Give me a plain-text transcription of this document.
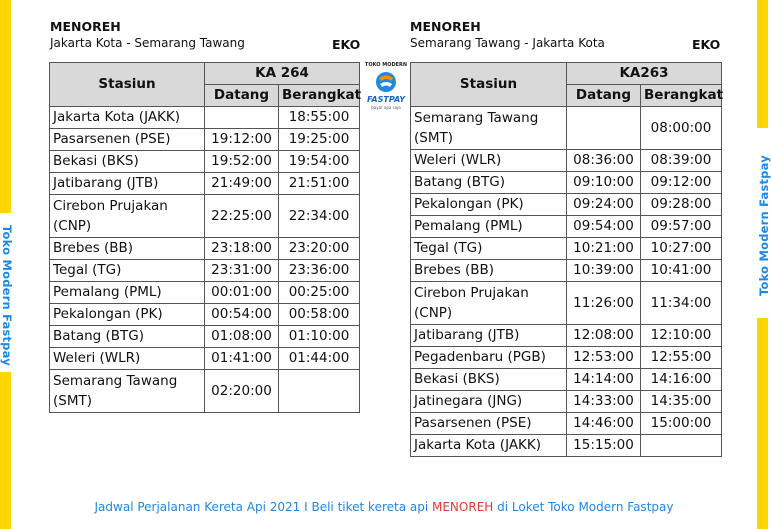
Toko Modern Fastpay	Toko Modern Fastpay
MENOREH
Jakarta Kota - Semarang Tawang	EKO
MENOREH
Semarang Tawang - Jakarta Kota	EKO
TOKO MODERN
FASTPAY
bayar apa saja
Stasiun	KA 264	
	Datang	Berangkat
Jakarta Kota (JAKK)		18:55:00
Pasarsenen (PSE)	19:12:00	19:25:00
Bekasi (BKS)	19:52:00	19:54:00
Jatibarang (JTB)	21:49:00	21:51:00
Cirebon Prujakan (CNP)	22:25:00	22:34:00
Brebes (BB)	23:18:00	23:20:00
Tegal (TG)	23:31:00	23:36:00
Pemalang (PML)	00:01:00	00:25:00
Pekalongan (PK)	00:54:00	00:58:00
Batang (BTG)	01:08:00	01:10:00
Weleri (WLR)	01:41:00	01:44:00
Semarang Tawang (SMT)	02:20:00	
Stasiun	KA263	
	Datang	Berangkat
Semarang Tawang (SMT)		08:00:00
Weleri (WLR)	08:36:00	08:39:00
Batang (BTG)	09:10:00	09:12:00
Pekalongan (PK)	09:24:00	09:28:00
Pemalang (PML)	09:54:00	09:57:00
Tegal (TG)	10:21:00	10:27:00
Brebes (BB)	10:39:00	10:41:00
Cirebon Prujakan (CNP)	11:26:00	11:34:00
Jatibarang (JTB)	12:08:00	12:10:00
Pegadenbaru (PGB)	12:53:00	12:55:00
Bekasi (BKS)	14:14:00	14:16:00
Jatinegara (JNG)	14:33:00	14:35:00
Pasarsenen (PSE)	14:46:00	15:00:00
Jakarta Kota (JAKK)	15:15:00	
Jadwal Perjalanan Kereta Api 2021 I Beli tiket kereta api MENOREH di Loket Toko Modern Fastpay
